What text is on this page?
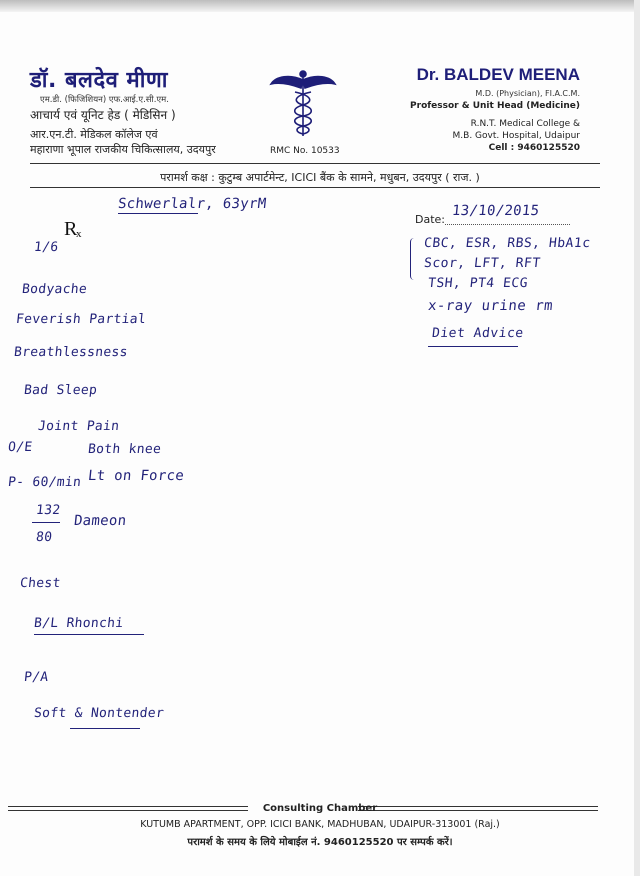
डॉ. बलदेव मीणा
एम.डी. (फिजिशियन) एफ.आई.ए.सी.एम.
आचार्य एवं यूनिट हेड ( मेडिसिन )
आर.एन.टी. मेडिकल कॉलेज एवं
महाराणा भूपाल राजकीय चिकित्सालय, उदयपुर	RMC No. 10533
Dr. BALDEV MEENA
M.D. (Physician), FI.A.C.M.
Professor & Unit Head (Medicine)
R.N.T. Medical College &
M.B. Govt. Hospital, Udaipur
Cell : 9460125520
परामर्श कक्ष : कुटुम्ब अपार्टमेन्ट, ICICI बैंक के सामने, मधुबन, उदयपुर ( राज. )
Schwerlalr, 63yrM
R
x
Date:
13/10/2015
1/6
Bodyache
Feverish Partial
Breathlessness
Bad Sleep
Joint Pain
Both knee
O/E
P- 60/min Lt on Force
132
80
Dameon
Chest
B/L Rhonchi
P/A
Soft & Nontender
CBC, ESR, RBS, HbA1c
Scor, LFT, RFT
TSH, PT4 ECG
x-ray urine rm
Diet Advice
Consulting Chamber
KUTUMB APARTMENT, OPP. ICICI BANK, MADHUBAN, UDAIPUR-313001 (Raj.)
परामर्श के समय के लिये मोबाईल नं. 9460125520 पर सम्पर्क करें।
